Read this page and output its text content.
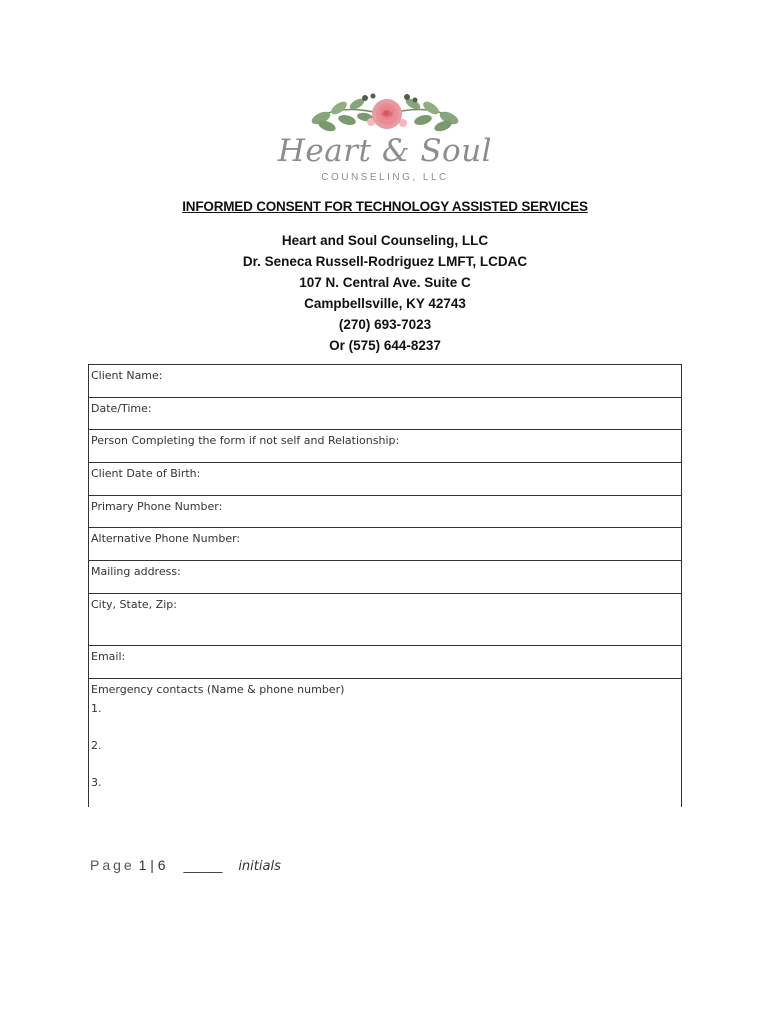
Heart & Soul
COUNSELING, LLC
INFORMED CONSENT FOR TECHNOLOGY ASSISTED SERVICES
Heart and Soul Counseling, LLC
Dr. Seneca Russell-Rodriguez LMFT, LCDAC
107 N. Central Ave. Suite C
Campbellsville, KY 42743
(270) 693-7023
Or (575) 644-8237
Client Name:

Date/Time:

Person Completing the form if not self and Relationship:

Client Date of Birth:

Primary Phone Number:

Alternative Phone Number:

Mailing address:

City, State, Zip:

Email:

Emergency contacts (Name & phone number)
1.
2.
3.
Page 1 | 6 _____ initials
